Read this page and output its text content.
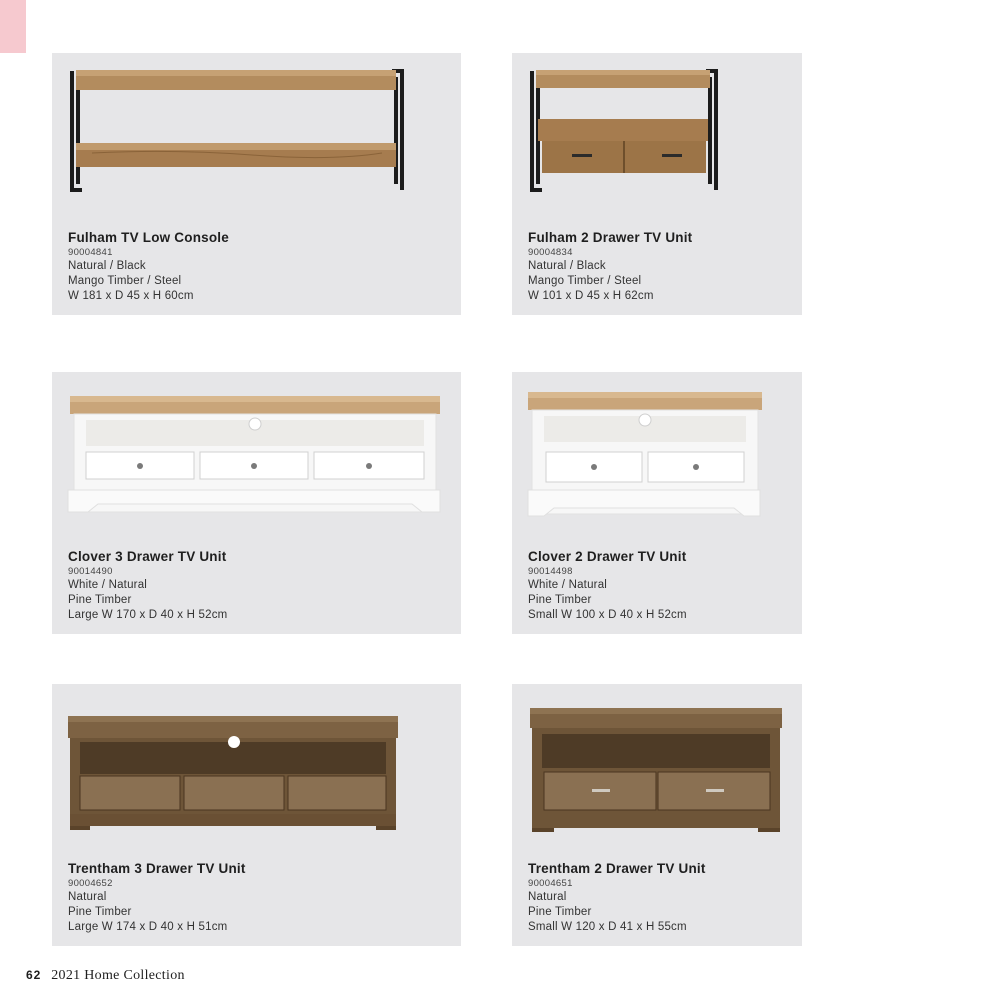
Fulham TV Low Console
90004841
Natural / Black
Mango Timber / Steel
W 181 x D 45 x H 60cm
Fulham 2 Drawer TV Unit
90004834
Natural / Black
Mango Timber / Steel
W 101 x D 45 x H 62cm
Clover 3 Drawer TV Unit
90014490
White / Natural
Pine Timber
Large W 170 x D 40 x H 52cm
Clover 2 Drawer TV Unit
90014498
White / Natural
Pine Timber
Small W 100 x D 40 x H 52cm
Trentham 3 Drawer TV Unit
90004652
Natural
Pine Timber
Large W 174 x D 40 x H 51cm
Trentham 2 Drawer TV Unit
90004651
Natural
Pine Timber
Small W 120 x D 41 x H 55cm
62 2021 Home Collection
